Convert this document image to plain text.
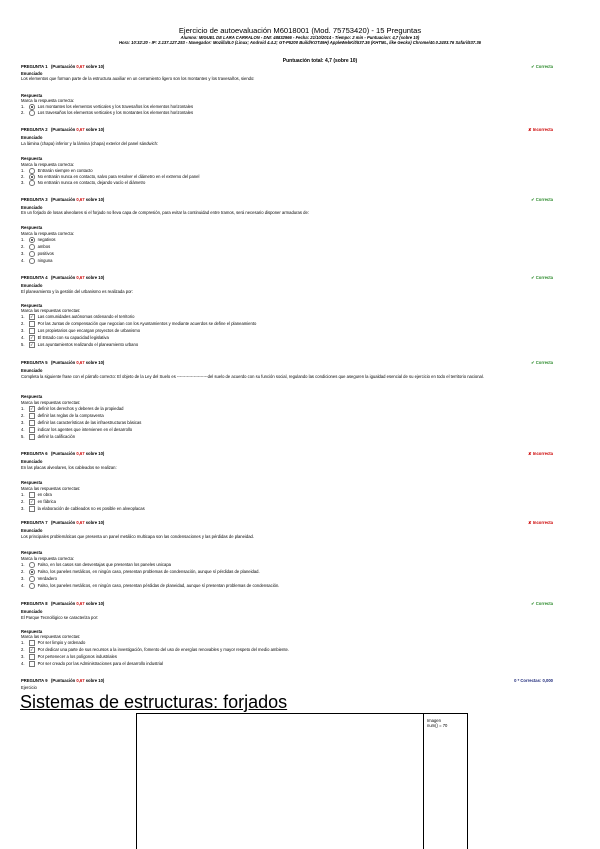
Ejercicio de autoevaluación M6018001 (Mod. 75753420) - 15 Preguntas
Alumno: MIGUEL DE LARA CARRALON - DNI: 48832966 - Fecha: 21/10/2014 - Tiempo: 2 min - Puntuacion: 4,7 (sobre 10)
Hora: 10:32:20 - IP: 2.137.127.253 - Navegador: Mozilla/5.0 (Linux; Android 4.4.2; GT-P5200 Build/KOT49H) AppleWebKit/537.36 (KHTML, like Gecko) Chrome/40.0.2403.76 Safari/537.36
Puntuación total: 4,7 (sobre 10)
PREGUNTA 1 (Puntuación 0,67 sobre 10)	✔ Correcta
Enunciado
Los elementos que forman parte de la estructura auxiliar en un cerramiento ligero son los montantes y los travesaños, siendo:
Respuesta
Marca la respuesta correcta:
1.	Los montantes los elementos verticales y los travesaños los elementos horizontales
2.	Los travesaños los elementos verticales y los montantes los elementos horizontales
PREGUNTA 2 (Puntuación 0,67 sobre 10)	✘ Incorrecta
Enunciado
La lámina (chapa) inferior y la lámina (chapa) exterior del panel sándwich:
Respuesta
Marca la respuesta correcta:
1.	Entrarán siempre en contacto
2.	No entrarán nunca en contacto, salvo para resolver el diámetro en el extremo del panel
3.	No entrarán nunca en contacto, dejando vacío el diámetro
PREGUNTA 3 (Puntuación 0,67 sobre 10)	✔ Correcta
Enunciado
En un forjado de losas alveolares si el forjado no lleva capa de compresión, para evitar la continuidad entre tramos, será necesario disponer armaduras de:
Respuesta
Marca la respuesta correcta:
1.	negativos
2.	ambos
3.	positivos
4.	ninguna
PREGUNTA 4 (Puntuación 0,67 sobre 10)	✔ Correcta
Enunciado
El planeamiento y la gestión del urbanismo es realizada por:
Respuesta
Marca las respuestas correctas:
1. ✓ Las comunidades autónomas ordenando el territorio
2.	Por las Juntas de compensación que negocian con los Ayuntamientos y mediante acuerdos se define el planeamiento
3.	Los propietarios que encargan proyectos de urbanismo
4. ✓ El Estado con su capacidad legislativa
5. ✓ Los ayuntamientos realizando el planeamiento urbano
PREGUNTA 5 (Puntuación 0,67 sobre 10)	✔ Correcta
Enunciado
Completa la siguiente frase con el párrafo correcto: El objeto de la Ley del Suelo es ----------------------del suelo de acuerdo con su función social, regulando las condiciones que aseguren la igualdad esencial de su ejercicio en todo el territorio nacional.
Respuesta
Marca las respuestas correctas:
1. ✓ definir los derechos y deberes de la propiedad
2.	definir las reglas de la compraventa
3.	definir las características de las infraestructuras básicas
4.	indicar los agentes que intervienen en el desarrollo
5.	definir la calificación
PREGUNTA 6 (Puntuación 0,67 sobre 10)	✘ Incorrecta
Enunciado
En las placas alveolares, los cableados se realizan:
Respuesta
Marca las respuestas correctas:
1.	en obra
2. ✓ en fábrica
3.	la elaboración de cableados no es posible en alveoplacas
PREGUNTA 7 (Puntuación 0,67 sobre 10)	✘ Incorrecta
Enunciado
Los principales problemáticas que presenta un panel metálico multicapa son las condensaciones y las pérdidas de planeidad.
Respuesta
Marca la respuesta correcta:
1.	Falso, en los casos son desventajas que presentan los paneles unicapa
2.	Falso, los paneles metálicos, en ningún caso, presentan problemas de condensación, aunque sí pérdidas de planeidad.
3.	Verdadero
4.	Falso, los paneles metálicos, en ningún caso, presentan pérdidas de planeidad, aunque sí presentan problemas de condensación.
PREGUNTA 8 (Puntuación 0,67 sobre 10)	✔ Correcta
Enunciado
El Parque Tecnológico se caracteriza por:
Respuesta
Marca las respuestas correctas:
1.	Por ser limpio y ordenado
2. ✓ Por dedicar una parte de sus recursos a la investigación, fomento del uso de energías renovables y mayor respeto del medio ambiente.
3.	Por pertenecer a los polígonos industriales
4.	Por ser creado por las Administraciones para el desarrollo industrial
PREGUNTA 9 (Puntuación 0,67 sobre 10)	0 * Correctas: 0,000
Ejercicio
Sistemas de estructuras: forjados
Imagen
num() = 70
